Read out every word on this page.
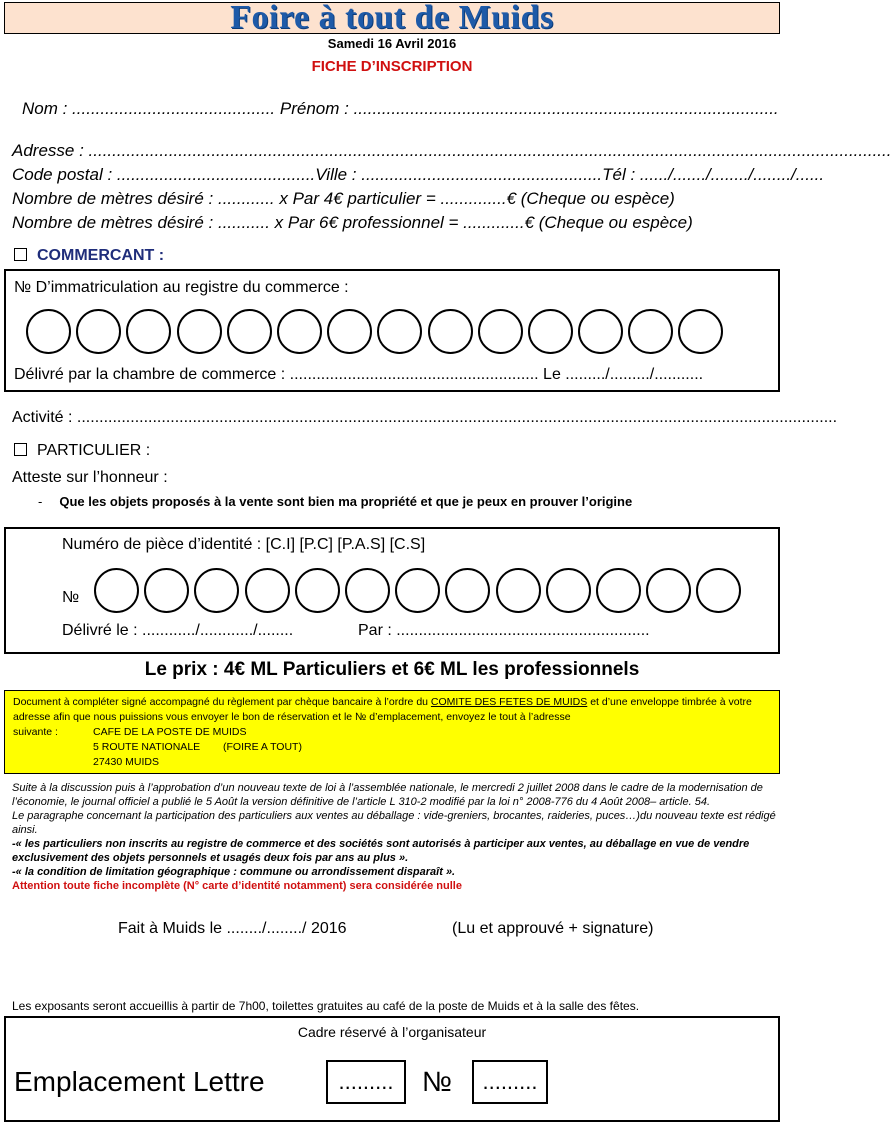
Foire à tout de Muids
Samedi 16 Avril 2016
FICHE D’INSCRIPTION
Nom : ........................................... Prénom : ..........................................................................................
Adresse : ..........................................................................................................................................................................
Code postal : ..........................................Ville : ...................................................Tél : ....../......./......../......../......
Nombre de mètres désiré : ............ x Par 4€ particulier = ..............€ (Cheque ou espèce)
Nombre de mètres désiré : ........... x Par 6€ professionnel = .............€ (Cheque ou espèce)
COMMERCANT :
№ D’immatriculation au registre du commerce :
Délivré par la chambre de commerce : ........................................................ Le ........./........./...........
Activité : ...........................................................................................................................................................................
PARTICULIER :
Atteste sur l’honneur :
- Que les objets proposés à la vente sont bien ma propriété et que je peux en prouver l’origine
Numéro de pièce d’identité : [C.I] [P.C] [P.A.S] [C.S]
№
Délivré le : ............/............/........	Par : .........................................................
Le prix : 4€ ML Particuliers et 6€ ML les professionnels
Document à compléter signé accompagné du règlement par chèque bancaire à l’ordre du COMITE DES FETES DE MUIDS et d’une enveloppe timbrée à votre adresse afin que nous puissions vous envoyer le bon de réservation et le № d’emplacement, envoyez le tout à l’adresse
suivante :	CAFE DE LA POSTE DE MUIDS
5 ROUTE NATIONALE (FOIRE A TOUT)
27430 MUIDS

Suite à la discussion puis à l’approbation d’un nouveau texte de loi à l’assemblée nationale, le mercredi 2 juillet 2008 dans le cadre de la modernisation de l’économie, le journal officiel a publié le 5 Août la version définitive de l’article L 310-2 modifié par la loi n° 2008-776 du 4 Août 2008– article. 54.

Le paragraphe concernant la participation des particuliers aux ventes au déballage : vide-greniers, brocantes, raideries, puces…)du nouveau texte est rédigé ainsi.

-« les particuliers non inscrits au registre de commerce et des sociétés sont autorisés à participer aux ventes, au déballage en vue de vendre exclusivement des objets personnels et usagés deux fois par ans au plus ».

-« la condition de limitation géographique : commune ou arrondissement disparaît ».

Attention toute fiche incomplète (N° carte d’identité notamment) sera considérée nulle

Fait à Muids le ......../......../ 2016	(Lu et approuvé + signature)
Les exposants seront accueillis à partir de 7h00, toilettes gratuites au café de la poste de Muids et à la salle des fêtes.
Cadre réservé à l’organisateur
Emplacement Lettre	.........	№	.........
